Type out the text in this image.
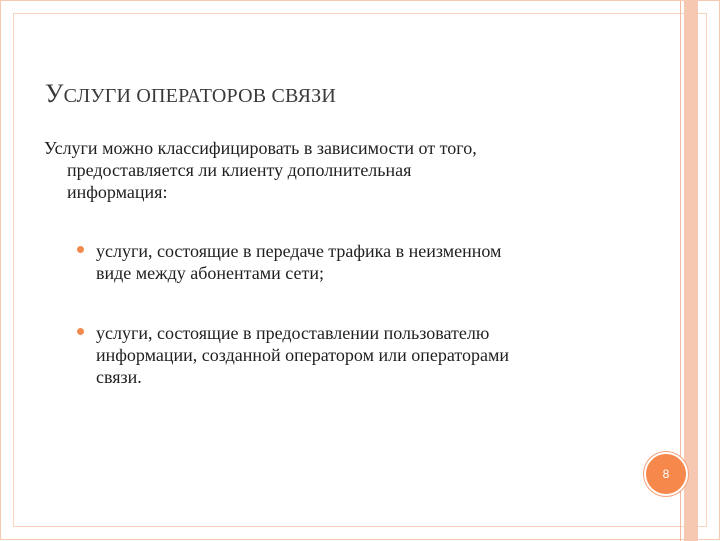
УСЛУГИ ОПЕРАТОРОВ СВЯЗИ
Услуги можно классифицировать в зависимости от того,
предоставляется ли клиенту дополнительная
информация:
услуги, состоящие в передаче трафика в неизменном
виде между абонентами сети;
услуги, состоящие в предоставлении пользователю
информации, созданной оператором или операторами
связи.
8
